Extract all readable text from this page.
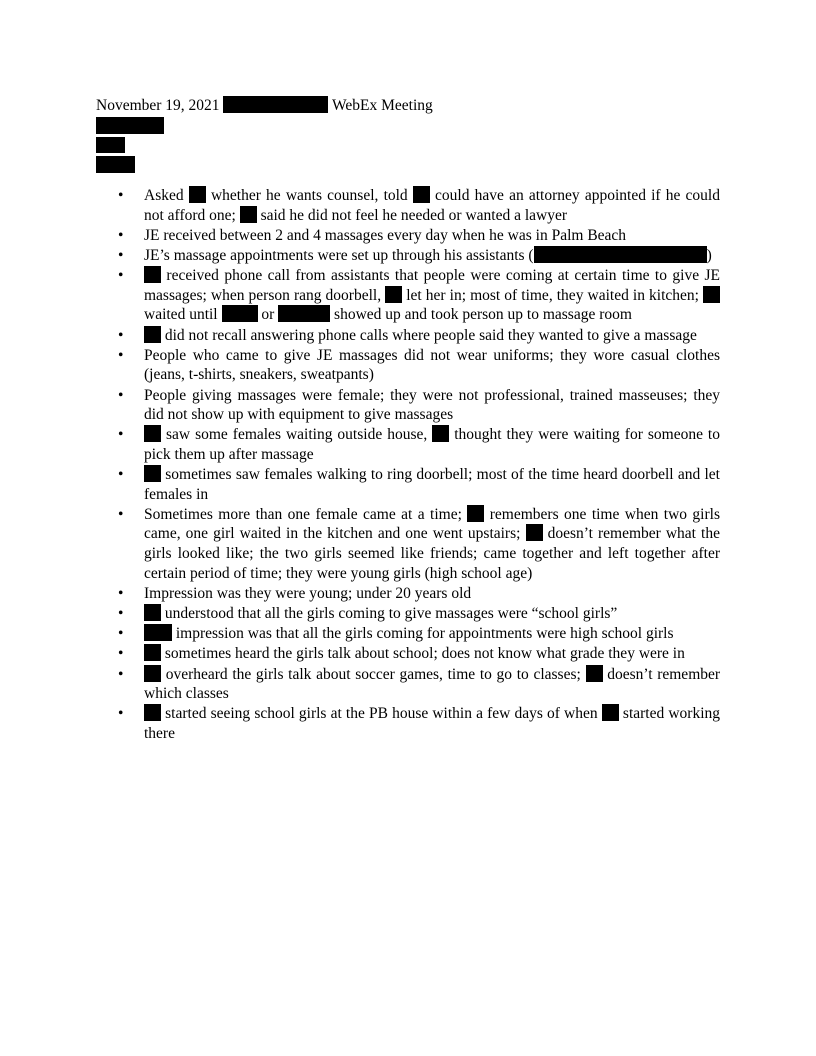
November 19, 2021	WebEx Meeting
• Asked whether he wants counsel, told could have an attorney appointed if he could not afford one; said he did not feel he needed or wanted a lawyer
• JE received between 2 and 4 massages every day when he was in Palm Beach
• JE’s massage appointments were set up through his assistants (	)
•	received phone call from assistants that people were coming at certain time to give JE massages; when person rang doorbell, let her in; most of time, they waited in kitchen;  waited until	or	showed up and took person up to massage room
•	did not recall answering phone calls where people said they wanted to give a massage
• People who came to give JE massages did not wear uniforms; they wore casual clothes (jeans, t-shirts, sneakers, sweatpants)
• People giving massages were female; they were not professional, trained masseuses; they did not show up with equipment to give massages
•	saw some females waiting outside house, thought they were waiting for someone to pick them up after massage
•	sometimes saw females walking to ring doorbell; most of the time heard doorbell and let females in
• Sometimes more than one female came at a time; remembers one time when two girls came, one girl waited in the kitchen and one went upstairs; doesn’t remember what the girls looked like; the two girls seemed like friends; came together and left together after certain period of time; they were young girls (high school age)
• Impression was they were young; under 20 years old
•	understood that all the girls coming to give massages were “school girls”
•	impression was that all the girls coming for appointments were high school girls
•	sometimes heard the girls talk about school; does not know what grade they were in
•	overheard the girls talk about soccer games, time to go to classes; doesn’t remember which classes
•	started seeing school girls at the PB house within a few days of when started working there
